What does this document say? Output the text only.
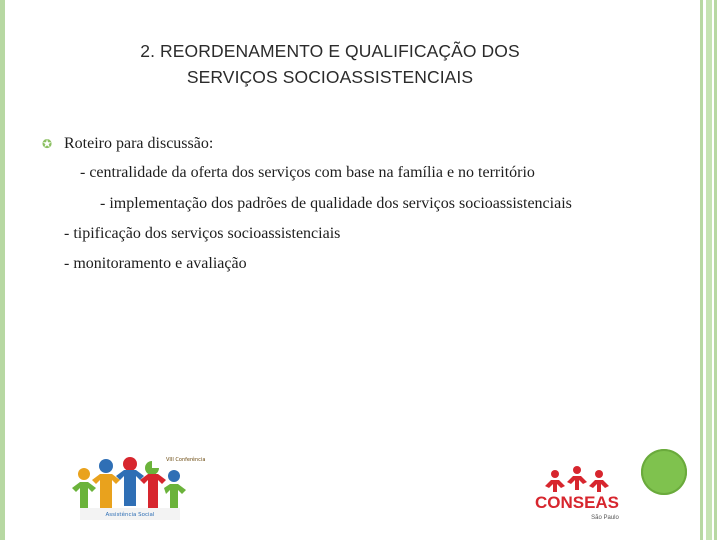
2. REORDENAMENTO E QUALIFICAÇÃO DOS
SERVIÇOS SOCIOASSISTENCIAIS
✪ Roteiro para discussão:

- centralidade da oferta dos serviços com base na família e no território

- implementação dos padrões de qualidade dos serviços socioassistenciais

- tipificação dos serviços socioassistenciais

- monitoramento e avaliação

VIII Conferência
Assistência Social
CONSEAS
São Paulo
